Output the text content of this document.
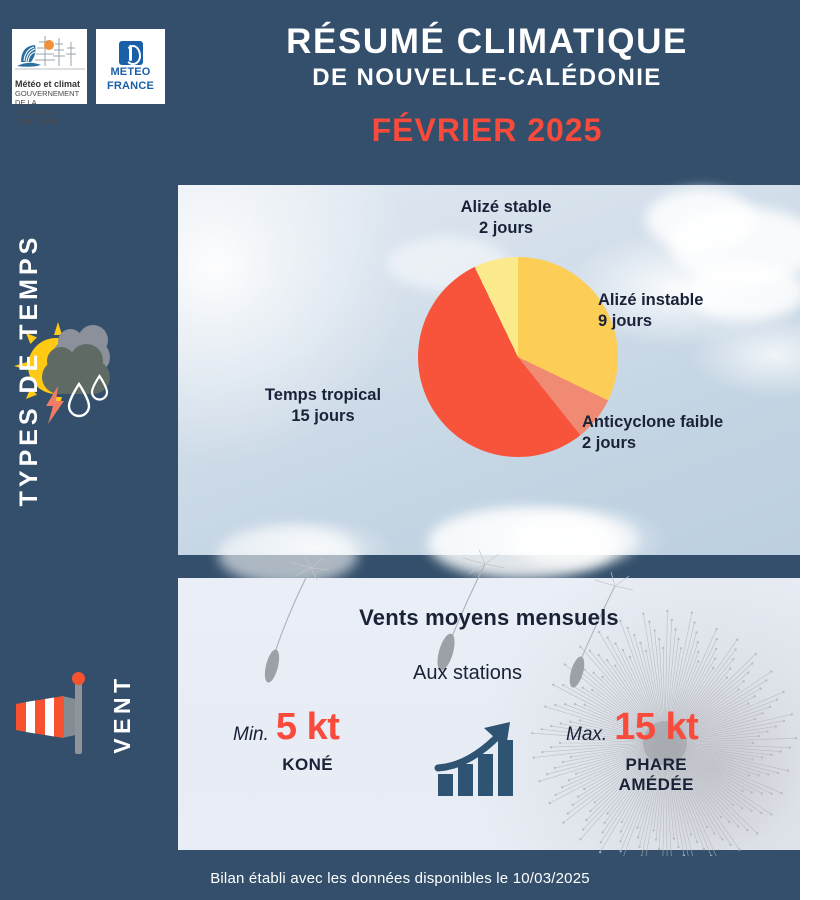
Météo et climat
GOUVERNEMENT DE LA
NOUVELLE-CALÉDONIE
METEO
FRANCE
RÉSUMÉ CLIMATIQUE
DE NOUVELLE-CALÉDONIE
FÉVRIER 2025
TYPES DE TEMPS
Alizé stable
2 jours
Alizé instable
9 jours
Temps tropical
15 jours	Anticyclone faible
2 jours
VENT
Vents moyens mensuels
Aux stations
Min. 5 kt
KONÉ
Max. 15 kt
PHARE
AMÉDÉE
Bilan établi avec les données disponibles le 10/03/2025
